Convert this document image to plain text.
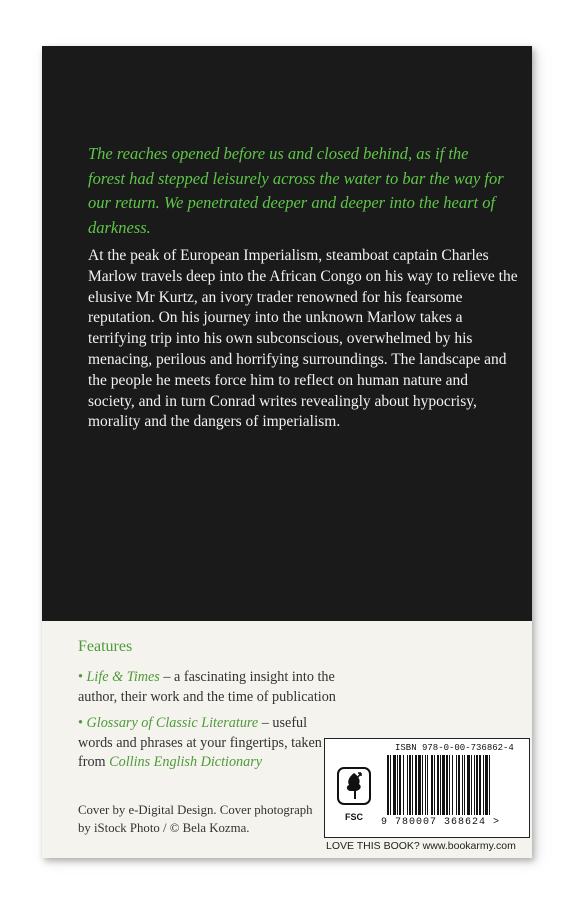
The reaches opened before us and closed behind, as if the forest had stepped leisurely across the water to bar the way for our return. We penetrated deeper and deeper into the heart of darkness.

At the peak of European Imperialism, steamboat captain Charles Marlow travels deep into the African Congo on his way to relieve the elusive Mr Kurtz, an ivory trader renowned for his fearsome reputation. On his journey into the unknown Marlow takes a terrifying trip into his own subconscious, overwhelmed by his menacing, perilous and horrifying surroundings. The landscape and the people he meets force him to reflect on human nature and society, and in turn Conrad writes revealingly about hypocrisy, morality and the dangers of imperialism.

Features

• Life & Times – a fascinating insight into the author, their work and the time of publication

• Glossary of Classic Literature – useful words and phrases at your fingertips, taken from Collins English Dictionary

Cover by e-Digital Design. Cover photograph by iStock Photo / © Bela Kozma.

ISBN 978-0-00-736862-4
FSC	9 780007 368624 >
LOVE THIS BOOK? www.bookarmy.com
